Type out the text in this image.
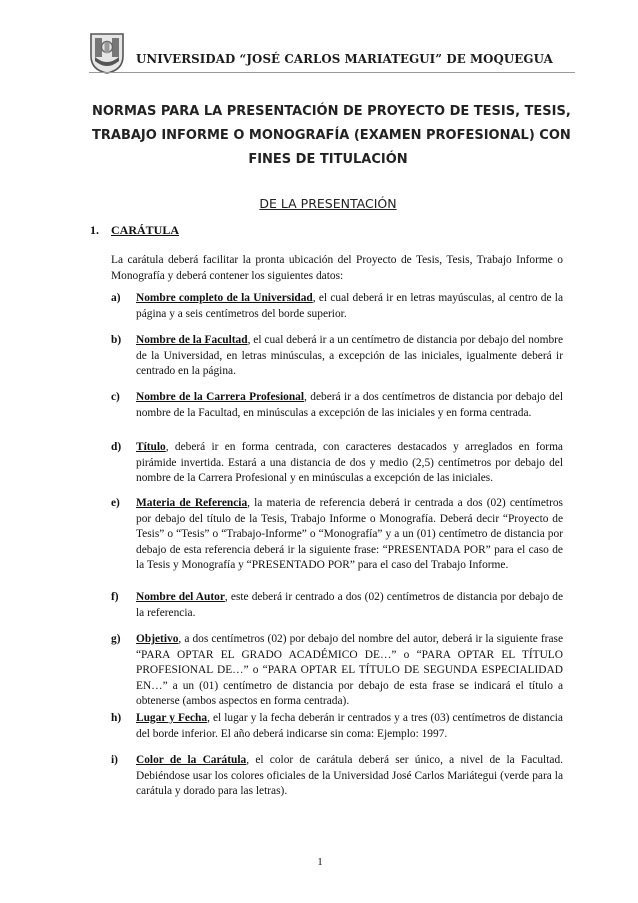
UNIVERSIDAD “JOSÉ CARLOS MARIATEGUI” DE MOQUEGUA
NORMAS PARA LA PRESENTACIÓN DE PROYECTO DE TESIS, TESIS,
TRABAJO INFORME O MONOGRAFÍA (EXAMEN PROFESIONAL) CON
FINES DE TITULACIÓN
DE LA PRESENTACIÓN
1. CARÁTULA
La carátula deberá facilitar la pronta ubicación del Proyecto de Tesis, Tesis, Trabajo Informe o Monografía y deberá contener los siguientes datos:
a)	Nombre completo de la Universidad, el cual deberá ir en letras mayúsculas, al centro de la página y a seis centímetros del borde superior.
b)	Nombre de la Facultad, el cual deberá ir a un centímetro de distancia por debajo del nombre de la Universidad, en letras minúsculas, a excepción de las iniciales, igualmente deberá ir centrado en la página.
c)	Nombre de la Carrera Profesional, deberá ir a dos centímetros de distancia por debajo del nombre de la Facultad, en minúsculas a excepción de las iniciales y en forma centrada.
d)	Título, deberá ir en forma centrada, con caracteres destacados y arreglados en forma pirámide invertida. Estará a una distancia de dos y medio (2,5) centímetros por debajo del nombre de la Carrera Profesional y en minúsculas a excepción de las iniciales.
e)	Materia de Referencia, la materia de referencia deberá ir centrada a dos (02) centímetros por debajo del título de la Tesis, Trabajo Informe o Monografía. Deberá decir “Proyecto de Tesis” o “Tesis” o “Trabajo-Informe” o “Monografía” y a un (01) centímetro de distancia por debajo de esta referencia deberá ir la siguiente frase: “PRESENTADA POR” para el caso de la Tesis y Monografía y “PRESENTADO POR” para el caso del Trabajo Informe.
f)	Nombre del Autor, este deberá ir centrado a dos (02) centímetros de distancia por debajo de la referencia.
g)	Objetivo, a dos centímetros (02) por debajo del nombre del autor, deberá ir la siguiente frase “PARA OPTAR EL GRADO ACADÉMICO DE…” o “PARA OPTAR EL TÍTULO PROFESIONAL DE…” o “PARA OPTAR EL TÍTULO DE SEGUNDA ESPECIALIDAD EN…” a un (01) centímetro de distancia por debajo de esta frase se indicará el título a obtenerse (ambos aspectos en forma centrada).
h)	Lugar y Fecha, el lugar y la fecha deberán ir centrados y a tres (03) centímetros de distancia del borde inferior. El año deberá indicarse sin coma: Ejemplo: 1997.
i)	Color de la Carátula, el color de carátula deberá ser único, a nivel de la Facultad. Debiéndose usar los colores oficiales de la Universidad José Carlos Mariátegui (verde para la carátula y dorado para las letras).
1
